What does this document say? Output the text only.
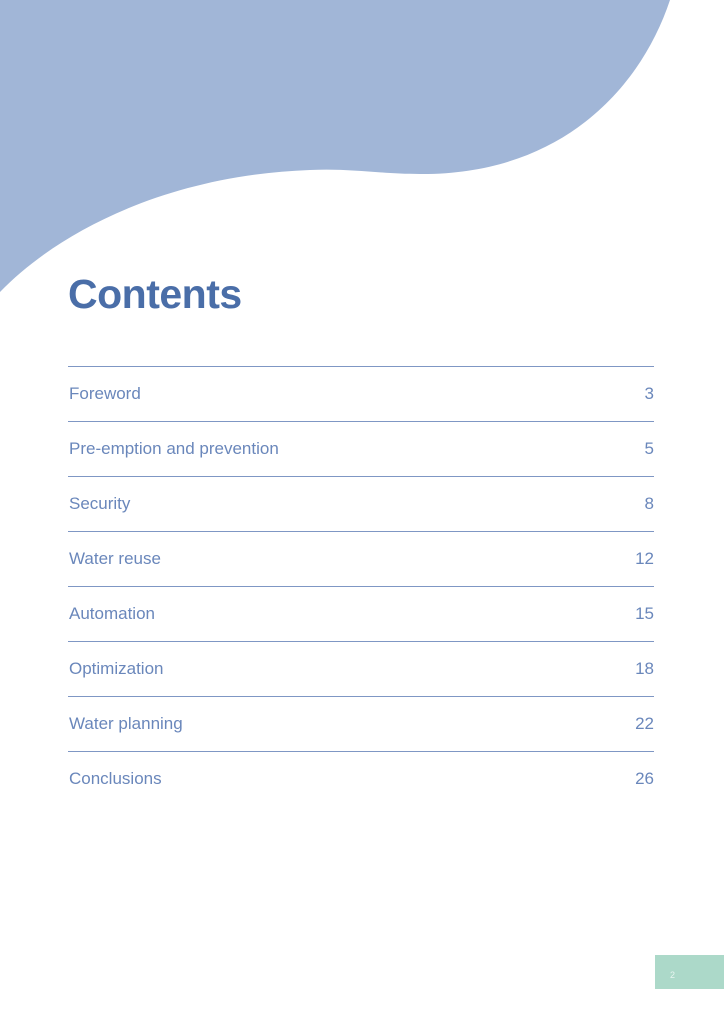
Contents
Foreword	3
Pre-emption and prevention	5
Security	8
Water reuse	12
Automation	15
Optimization	18
Water planning	22
Conclusions	26
2
